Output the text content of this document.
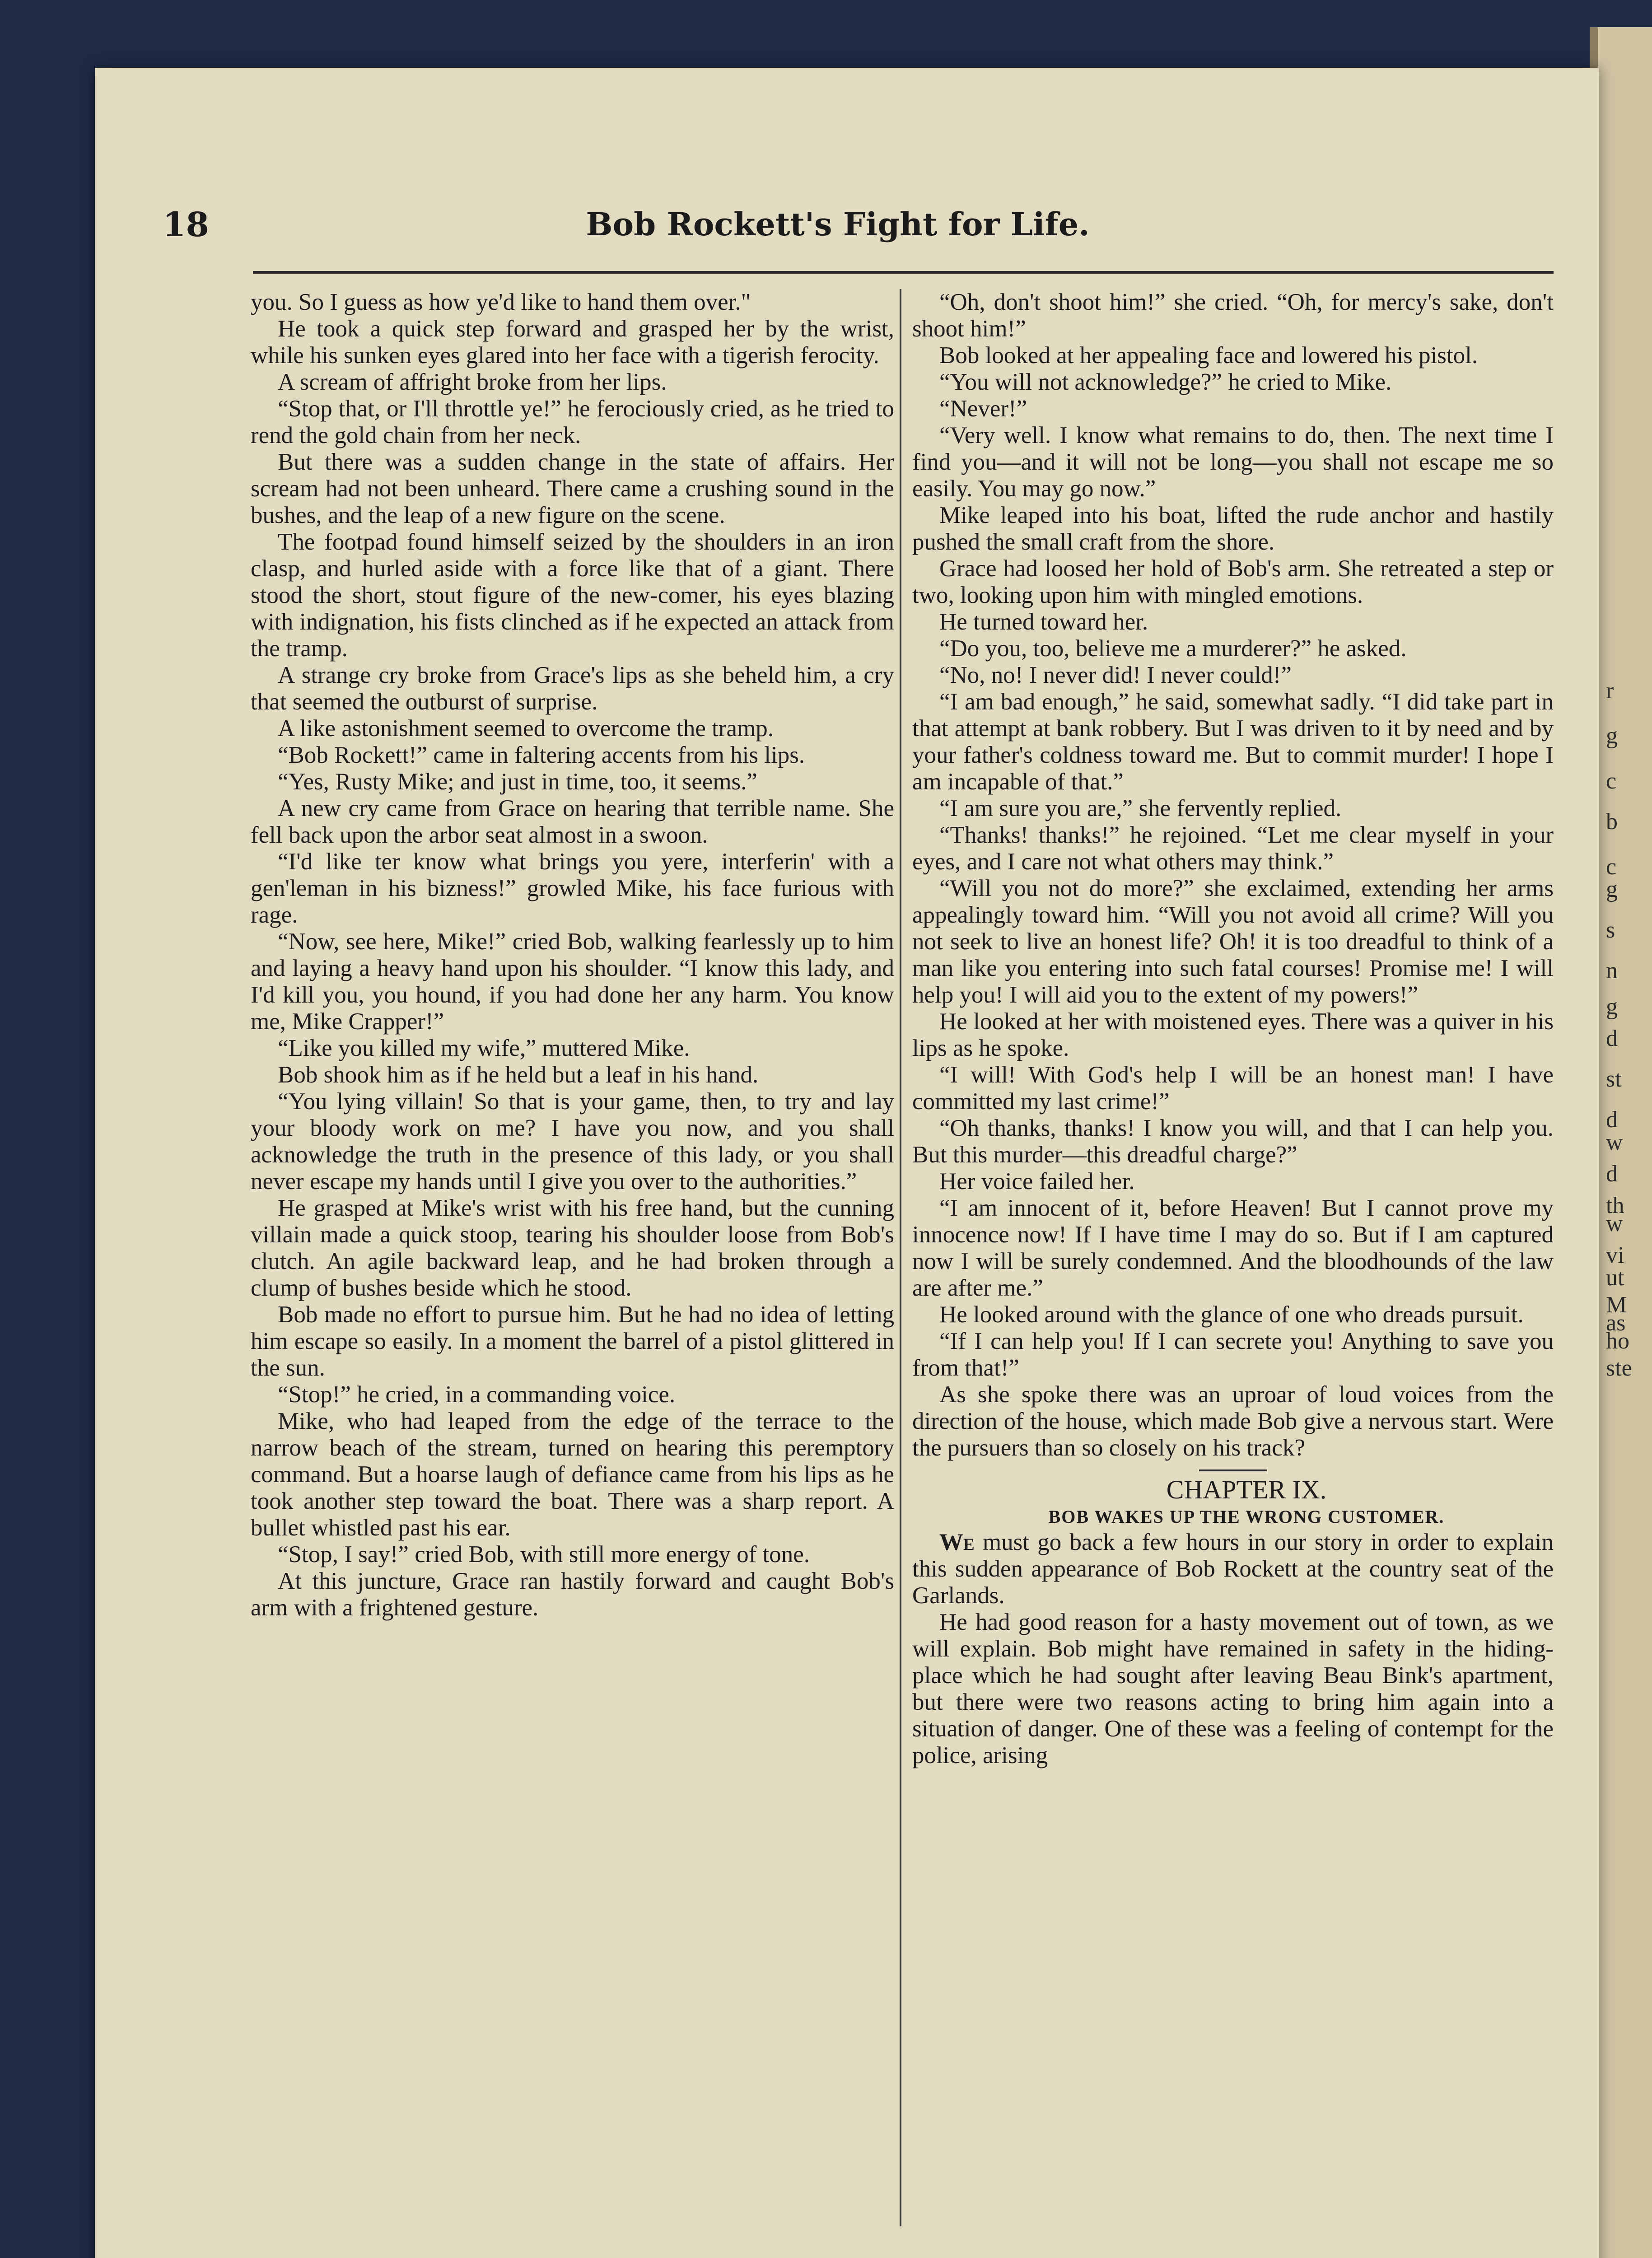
18	Bob Rockett's Fight for Life.

you. So I guess as how ye'd like to hand them over."

He took a quick step forward and grasped her by the wrist, while his sunken eyes glared into her face with a tigerish ferocity.

A scream of affright broke from her lips.

“Stop that, or I'll throttle ye!” he ferociously cried, as he tried to rend the gold chain from her neck.

But there was a sudden change in the state of affairs. Her scream had not been unheard. There came a crushing sound in the bushes, and the leap of a new figure on the scene.

The footpad found himself seized by the shoulders in an iron clasp, and hurled aside with a force like that of a giant. There stood the short, stout figure of the new-comer, his eyes blazing with indignation, his fists clinched as if he expected an attack from the tramp.

A strange cry broke from Grace's lips as she beheld him, a cry that seemed the outburst of surprise.

A like astonishment seemed to overcome the tramp.

“Bob Rockett!” came in faltering accents from his lips.

“Yes, Rusty Mike; and just in time, too, it seems.”

A new cry came from Grace on hearing that terrible name. She fell back upon the arbor seat almost in a swoon.

“I'd like ter know what brings you yere, interferin' with a gen'leman in his bizness!” growled Mike, his face furious with rage.

“Now, see here, Mike!” cried Bob, walking fearlessly up to him and laying a heavy hand upon his shoulder. “I know this lady, and I'd kill you, you hound, if you had done her any harm. You know me, Mike Crapper!”

“Like you killed my wife,” muttered Mike.

Bob shook him as if he held but a leaf in his hand.

“You lying villain! So that is your game, then, to try and lay your bloody work on me? I have you now, and you shall acknowledge the truth in the presence of this lady, or you shall never escape my hands until I give you over to the authorities.”

He grasped at Mike's wrist with his free hand, but the cunning villain made a quick stoop, tearing his shoulder loose from Bob's clutch. An agile backward leap, and he had broken through a clump of bushes beside which he stood.

Bob made no effort to pursue him. But he had no idea of letting him escape so easily. In a moment the barrel of a pistol glittered in the sun.

“Stop!” he cried, in a commanding voice.

Mike, who had leaped from the edge of the terrace to the narrow beach of the stream, turned on hearing this peremptory command. But a hoarse laugh of defiance came from his lips as he took another step toward the boat. There was a sharp report. A bullet whistled past his ear.

“Stop, I say!” cried Bob, with still more energy of tone.

At this juncture, Grace ran hastily forward and caught Bob's arm with a frightened gesture.

“Oh, don't shoot him!” she cried. “Oh, for mercy's sake, don't shoot him!”

Bob looked at her appealing face and lowered his pistol.

“You will not acknowledge?” he cried to Mike.

“Never!”

“Very well. I know what remains to do, then. The next time I find you—and it will not be long—you shall not escape me so easily. You may go now.”

Mike leaped into his boat, lifted the rude anchor and hastily pushed the small craft from the shore.

Grace had loosed her hold of Bob's arm. She retreated a step or two, looking upon him with mingled emotions.

He turned toward her.

“Do you, too, believe me a murderer?” he asked.

“No, no! I never did! I never could!”

“I am bad enough,” he said, somewhat sadly. “I did take part in that attempt at bank robbery. But I was driven to it by need and by your father's coldness toward me. But to commit murder! I hope I am incapable of that.”

“I am sure you are,” she fervently replied.

“Thanks! thanks!” he rejoined. “Let me clear myself in your eyes, and I care not what others may think.”

“Will you not do more?” she exclaimed, extending her arms appealingly toward him. “Will you not avoid all crime? Will you not seek to live an honest life? Oh! it is too dreadful to think of a man like you entering into such fatal courses! Promise me! I will help you! I will aid you to the extent of my powers!”

He looked at her with moistened eyes. There was a quiver in his lips as he spoke.

“I will! With God's help I will be an honest man! I have committed my last crime!”

“Oh thanks, thanks! I know you will, and that I can help you. But this murder—this dreadful charge?”

Her voice failed her.

“I am innocent of it, before Heaven! But I cannot prove my innocence now! If I have time I may do so. But if I am captured now I will be surely condemned. And the bloodhounds of the law are after me.”

He looked around with the glance of one who dreads pursuit.

“If I can help you! If I can secrete you! Anything to save you from that!”

As she spoke there was an uproar of loud voices from the direction of the house, which made Bob give a nervous start. Were the pursuers than so closely on his track?

CHAPTER IX.

BOB WAKES UP THE WRONG CUSTOMER.

We must go back a few hours in our story in order to explain this sudden appearance of Bob Rockett at the country seat of the Garlands.

He had good reason for a hasty movement out of town, as we will explain. Bob might have remained in safety in the hiding-place which he had sought after leaving Beau Bink's apartment, but there were two reasons acting to bring him again into a situation of danger. One of these was a feeling of contempt for the police, arising

r
g
c
b
c
g
s
n
g
d
st
d
w
d
th
w
vi
ut
M
as
ho
ste
